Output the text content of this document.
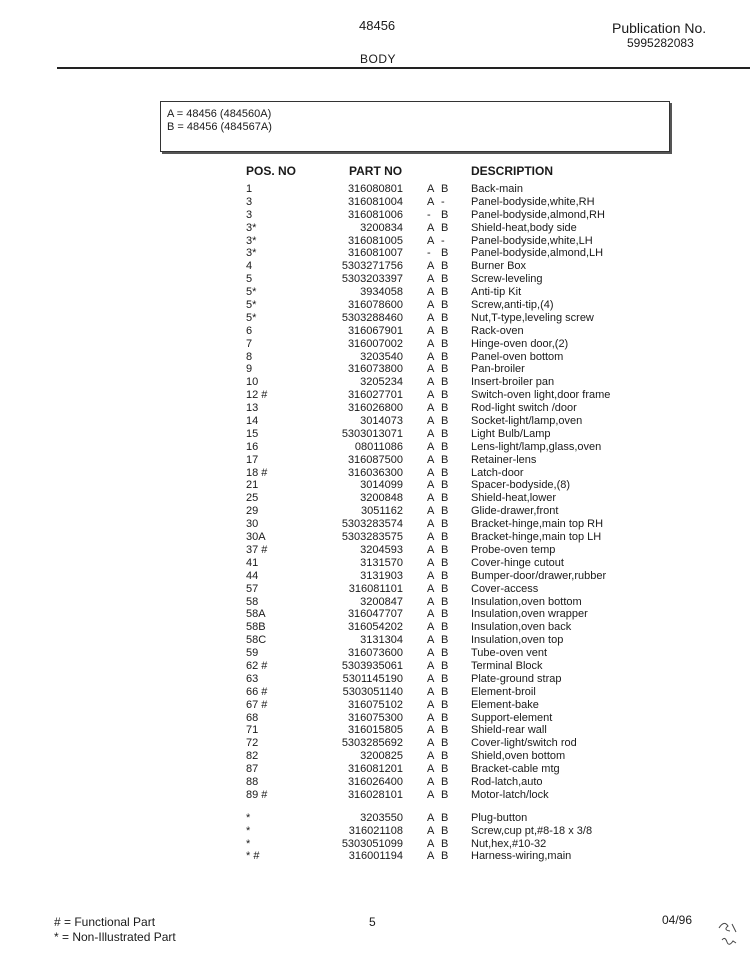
48456
BODY
Publication No.
5995282083
A = 48456 (484560A)
B = 48456 (484567A)
POS. NO	PART NO	DESCRIPTION
1	316080801 A B Back-main
3	316081004 A - Panel-bodyside,white,RH
3	316081006 - B Panel-bodyside,almond,RH
3*	3200834 A B Shield-heat,body side
3*	316081005 A - Panel-bodyside,white,LH
3*	316081007 - B Panel-bodyside,almond,LH
4	5303271756 A B Burner Box
5	5303203397 A B Screw-leveling
5*	3934058 A B Anti-tip Kit
5*	316078600 A B Screw,anti-tip,(4)
5*	5303288460 A B Nut,T-type,leveling screw
6	316067901 A B Rack-oven
7	316007002 A B Hinge-oven door,(2)
8	3203540 A B Panel-oven bottom
9	316073800 A B Pan-broiler
10	3205234 A B Insert-broiler pan
12 #	316027701 A B Switch-oven light,door frame
13	316026800 A B Rod-light switch /door
14	3014073 A B Socket-light/lamp,oven
15	5303013071 A B Light Bulb/Lamp
16	08011086 A B Lens-light/lamp,glass,oven
17	316087500 A B Retainer-lens
18 #	316036300 A B Latch-door
21	3014099 A B Spacer-bodyside,(8)
25	3200848 A B Shield-heat,lower
29	3051162 A B Glide-drawer,front
30	5303283574 A B Bracket-hinge,main top RH
30A	5303283575 A B Bracket-hinge,main top LH
37 #	3204593 A B Probe-oven temp
41	3131570 A B Cover-hinge cutout
44	3131903 A B Bumper-door/drawer,rubber
57	316081101 A B Cover-access
58	3200847 A B Insulation,oven bottom
58A	316047707 A B Insulation,oven wrapper
58B	316054202 A B Insulation,oven back
58C	3131304 A B Insulation,oven top
59	316073600 A B Tube-oven vent
62 #	5303935061 A B Terminal Block
63	5301145190 A B Plate-ground strap
66 #	5303051140 A B Element-broil
67 #	316075102 A B Element-bake
68	316075300 A B Support-element
71	316015805 A B Shield-rear wall
72	5303285692 A B Cover-light/switch rod
82	3200825 A B Shield,oven bottom
87	316081201 A B Bracket-cable mtg
88	316026400 A B Rod-latch,auto
89 #	316028101 A B Motor-latch/lock
*	3203550 A B Plug-button
*	316021108 A B Screw,cup pt,#8-18 x 3/8
*	5303051099 A B Nut,hex,#10-32
* #	316001194 A B Harness-wiring,main
# = Functional Part
* = Non-Illustrated Part
5	04/96
